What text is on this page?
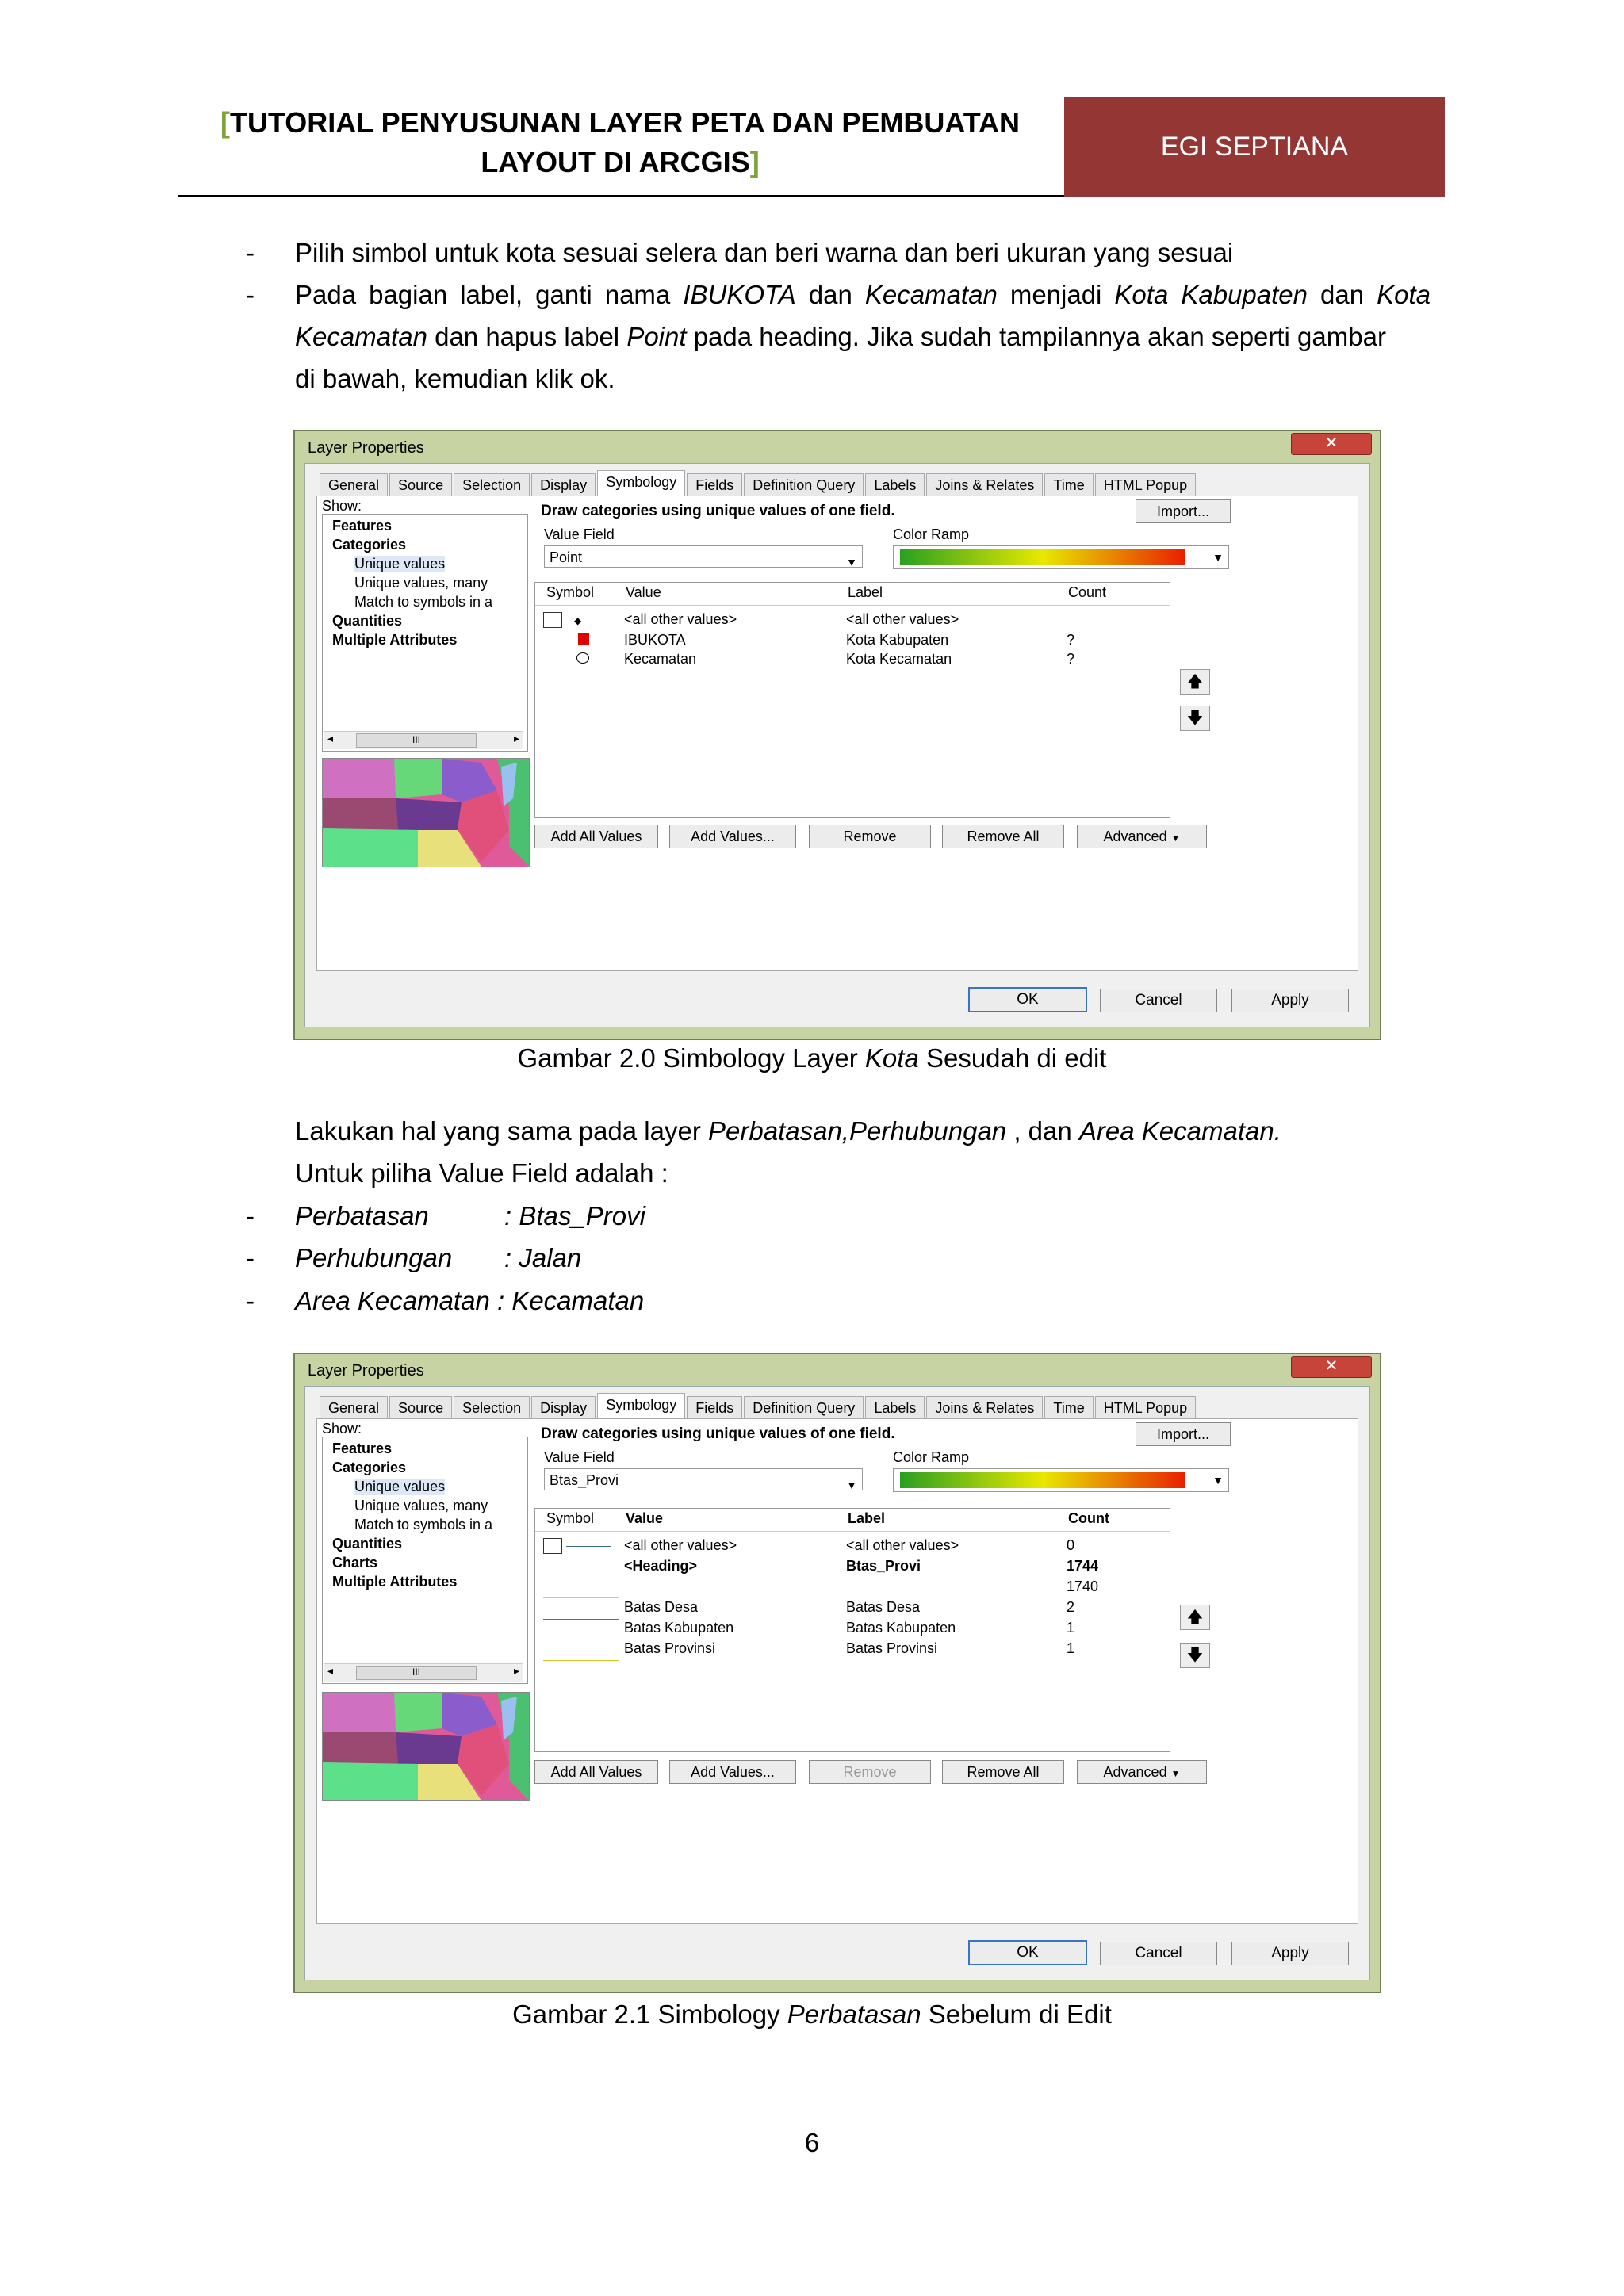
[TUTORIAL PENYUSUNAN LAYER PETA DAN PEMBUATAN
LAYOUT DI ARCGIS]	EGI SEPTIANA
- Pilih simbol untuk kota sesuai selera dan beri warna dan beri ukuran yang sesuai
- Pada bagian label, ganti nama IBUKOTA dan Kecamatan menjadi Kota Kabupaten dan Kota
Kecamatan dan hapus label Point pada heading. Jika sudah tampilannya akan seperti gambar
di bawah, kemudian klik ok.
Layer Properties	✕
General	Source	Selection	Display	Symbology	Fields	Definition Query	Labels	Joins & Relates	Time	HTML Popup
Show:
Features
Categories
Unique values
Unique values, many
Match to symbols in a
Quantities
Multiple Attributes
◂	III	▸
Draw categories using unique values of one field.	Import...
Value Field
Point	▼
Color Ramp
▼
Symbol Value	Label	Count
◆	<all other values>	<all other values>
IBUKOTA	Kota Kabupaten	?
Kecamatan	Kota Kecamatan	?
🡅
🡇
Add All Values	Add Values...	Remove	Remove All	Advanced ▼
OK	Cancel	Apply
Gambar 2.0 Simbology Layer Kota Sesudah di edit
Lakukan hal yang sama pada layer Perbatasan,Perhubungan , dan Area Kecamatan.
Untuk piliha Value Field adalah :
- Perbatasan	: Btas_Provi
- Perhubungan : Jalan
- Area Kecamatan : Kecamatan
Layer Properties	✕
General	Source	Selection	Display	Symbology	Fields	Definition Query	Labels	Joins & Relates	Time	HTML Popup
Show:
Features
Categories
Unique values
Unique values, many
Match to symbols in a
Quantities
Charts
Multiple Attributes
◂	III	▸
Draw categories using unique values of one field.	Import...
Value Field
Btas_Provi	▼
Color Ramp
▼
Symbol Value	Label	Count

<all other values>	<all other values>	0
<Heading>	Btas_Provi	1744
1740
Batas Desa	Batas Desa	2
Batas Kabupaten	Batas Kabupaten	1
Batas Provinsi	Batas Provinsi	1
🡅
🡇
Add All Values	Add Values...	Remove	Remove All	Advanced ▼
OK	Cancel	Apply
Gambar 2.1 Simbology Perbatasan Sebelum di Edit
6
